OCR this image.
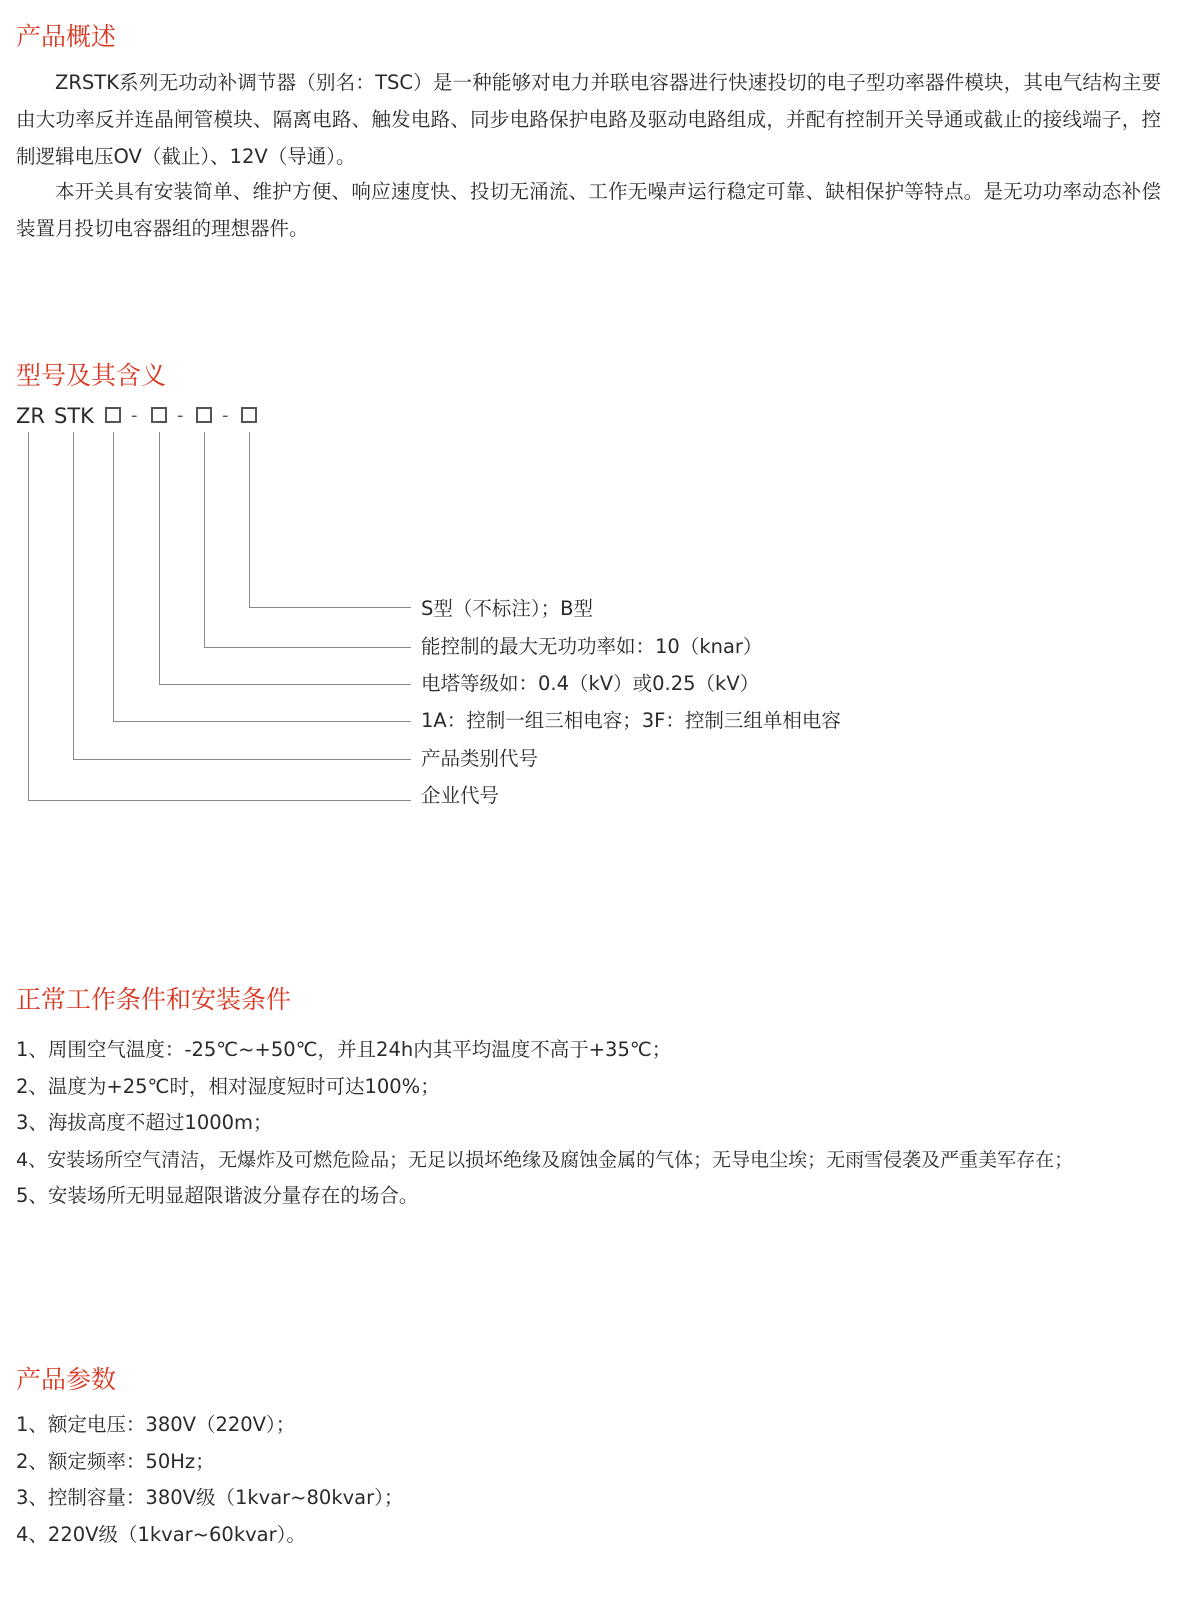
产品概述

ZRSTK系列无功动补调节器（别名：TSC）是一种能够对电力并联电容器进行快速投切的电子型功率器件模块，其电气结构主要由大功率反并连晶闸管模块、隔离电路、触发电路、同步电路保护电路及驱动电路组成，并配有控制开关导通或截止的接线端子，控制逻辑电压OV（截止）、12V（导通）。

本开关具有安装简单、维护方便、响应速度快、投切无涌流、工作无噪声运行稳定可靠、缺相保护等特点。是无功功率动态补偿装置月投切电容器组的理想器件。

型号及其含义
ZR STK - - -
S型（不标注）；B型
能控制的最大无功功率如：10（knar）
电塔等级如：0.4（kV）或0.25（kV）
1A：控制一组三相电容；3F：控制三组单相电容
产品类别代号
企业代号
正常工作条件和安装条件
1、周围空气温度：-25℃~+50℃，并且24h内其平均温度不高于+35℃；
2、温度为+25℃时，相对湿度短时可达100%；
3、海拔高度不超过1000m；
4、安装场所空气清洁，无爆炸及可燃危险品；无足以损坏绝缘及腐蚀金属的气体；无导电尘埃；无雨雪侵袭及严重美军存在；
5、安装场所无明显超限谐波分量存在的场合。
产品参数
1、额定电压：380V（220V）；
2、额定频率：50Hz；
3、控制容量：380V级（1kvar~80kvar）；
4、220V级（1kvar~60kvar）。
